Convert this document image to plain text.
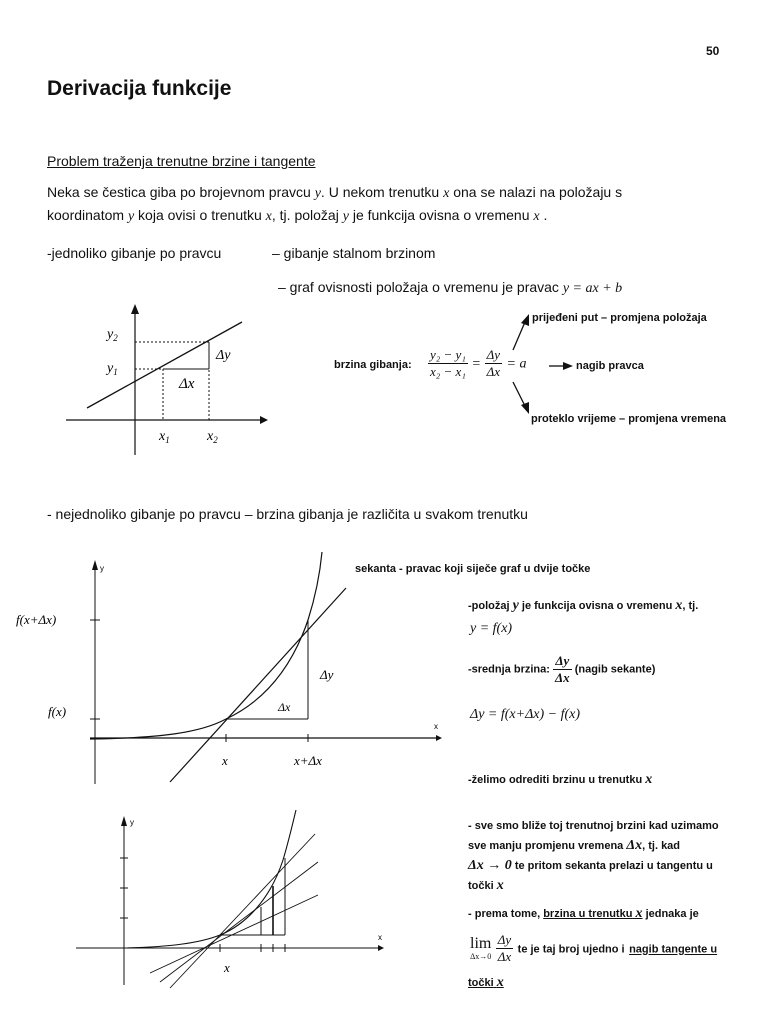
50
Derivacija funkcije
Problem traženja trenutne brzine i tangente
Neka se čestica giba po brojevnom pravcu y. U nekom trenutku x ona se nalazi na položaju s
koordinatom y koja ovisi o trenutku x, tj. položaj y je funkcija ovisna o vremenu x .
-jednoliko gibanje po pravcu	– gibanje stalnom brzinom
– graf ovisnosti položaja o vremenu je pravac y = ax + b
$y_2$
$y_1$
$x_1$	$x_2$
Δy
Δx
brzina gibanja: $\frac{\text{y₂ − y₁}}{\text{x₂ − x₁}} = \frac{\Delta y}{\Delta x} = a$
prijeđeni put – promjena položaja
nagib pravca
proteklo vrijeme – promjena vremena
- nejednoliko gibanje po pravcu – brzina gibanja je različita u svakom trenutku
y
x
f(x+Δx)
f(x)
Δy
Δx
x	x+Δx
sekanta - pravac koji siječe graf u dvije točke
-položaj y je funkcija ovisna o vremenu x, tj.
y = f(x)
-srednja brzina: $\frac{\Delta y}{\Delta x}$ (nagib sekante)
Δy = f(x+Δx) − f(x)
-želimo odrediti brzinu u trenutku x
- sve smo bliže toj trenutnoj brzini kad uzimamo
sve manju promjenu vremena Δx, tj. kad
Δx → 0 te pritom sekanta prelazi u tangentu u
točki x
- prema tome, brzina u trenutku x jednaka je
lim
Δx→0
$\frac{\Delta y}{\Delta x}$ te je taj broj ujedno i nagib tangente u
točki x
y
x
x
